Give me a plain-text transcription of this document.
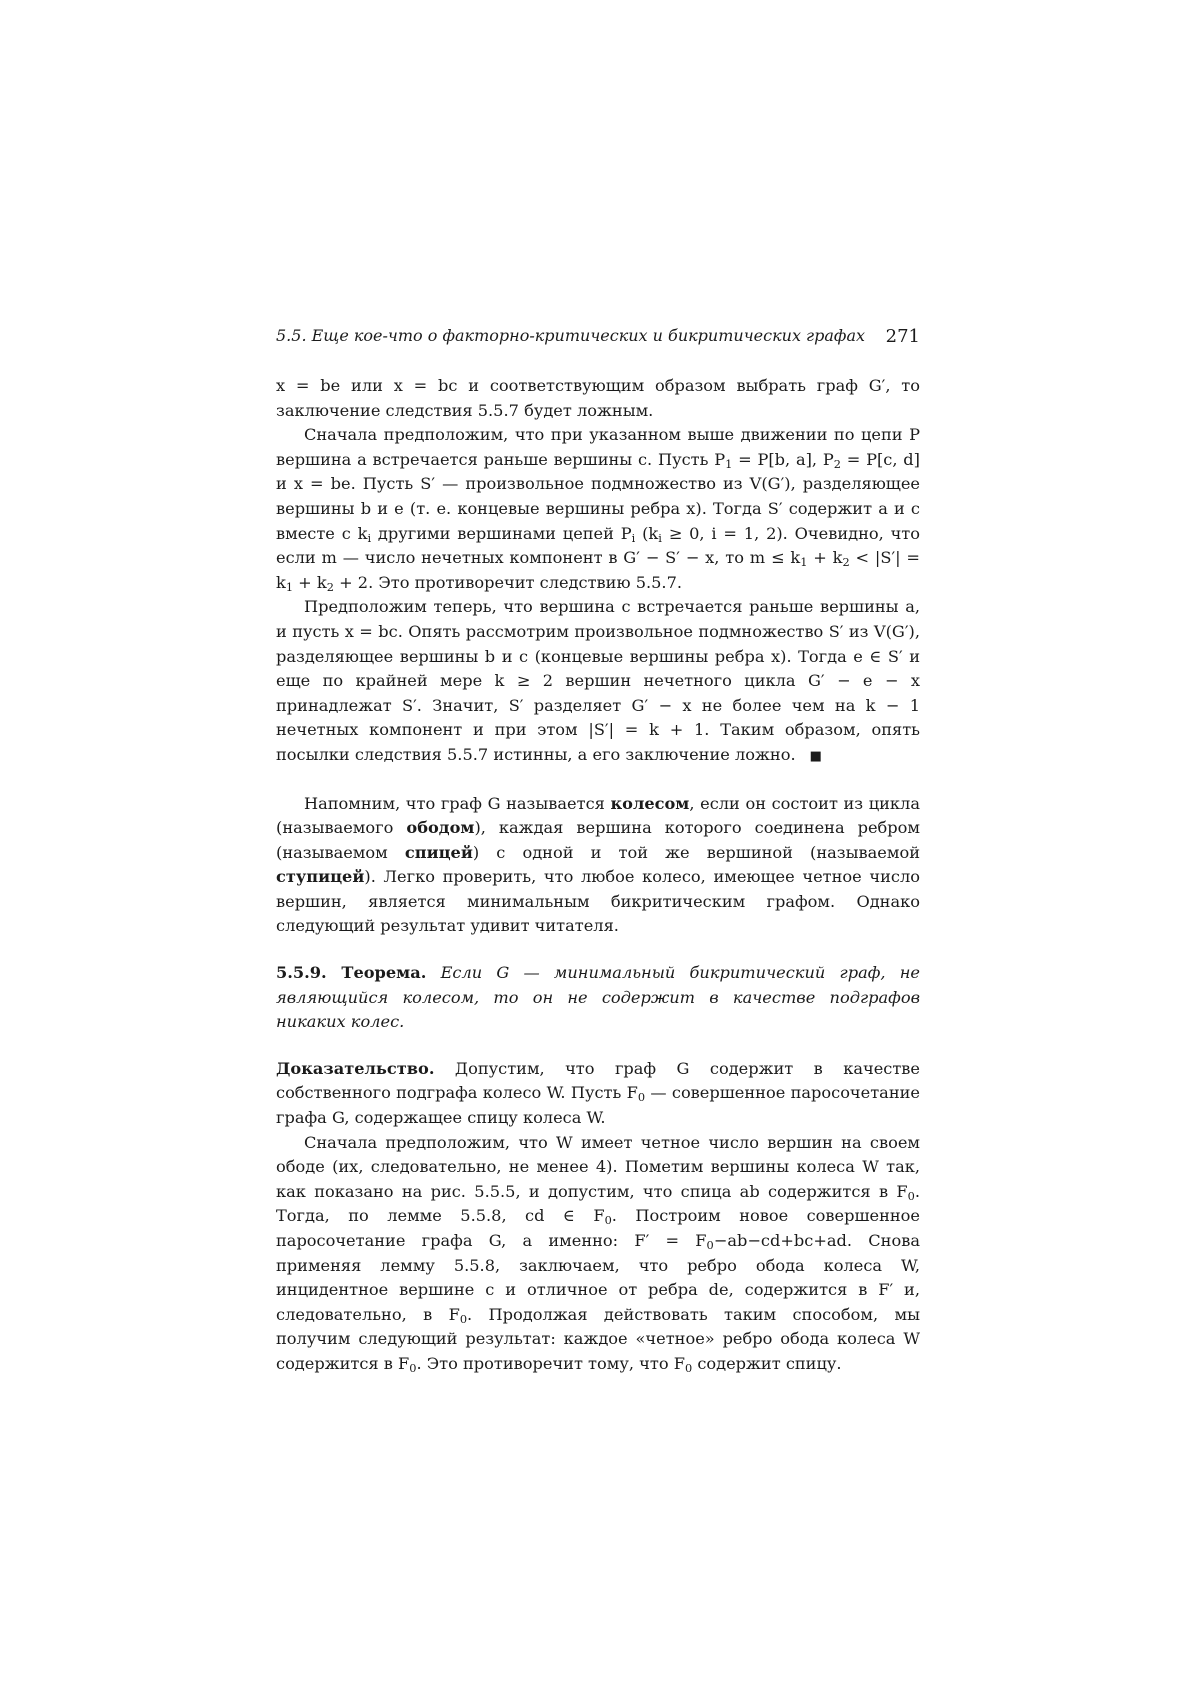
5.5. Еще кое-что о факторно-критических и бикритических графах 271

x = be или x = bc и соответствующим образом выбрать граф G′, то заключение следствия 5.5.7 будет ложным.

Сначала предположим, что при указанном выше движении по цепи P вершина a встречается раньше вершины c. Пусть $P_1 = P[b$, a], $P_2 = P[c$, d] и x = be. Пусть S′ — произвольное подмножество из V(G′), разделяющее вершины b и e (т. е. концевые вершины ребра x). Тогда S′ содержит a и c вместе с $k_i$ другими вершинами цепей $P_i$ ($k_i \ge 0$, i = 1, 2). Очевидно, что если m — число нечетных компонент в G′ − S′ − x, то $m \le k_1 + k_2 < |S'| = k_1 + k_2 + 2$. Это противоречит следствию 5.5.7.

Предположим теперь, что вершина c встречается раньше вершины a, и пусть x = bc. Опять рассмотрим произвольное подмножество S′ из V(G′), разделяющее вершины b и c (концевые вершины ребра x). Тогда e ∈ S′ и еще по крайней мере k ≥ 2 вершин нечетного цикла G′ − e − x принадлежат S′. Значит, S′ разделяет G′ − x не более чем на k − 1 нечетных компонент и при этом |S′| = k + 1. Таким образом, опять посылки следствия 5.5.7 истинны, а его заключение ложно. ■

Напомним, что граф G называется колесом, если он состоит из цикла (называемого ободом), каждая вершина которого соединена ребром (называемом спицей) с одной и той же вершиной (называемой ступицей). Легко проверить, что любое колесо, имеющее четное число вершин, является минимальным бикритическим графом. Однако следующий результат удивит читателя.

5.5.9. Теорема. Если G — минимальный бикритический граф, не являющийся колесом, то он не содержит в качестве подграфов никаких колес.

Доказательство. Допустим, что граф G содержит в качестве собственного подграфа колесо W. Пусть $F_0$ — совершенное паросочетание графа G, содержащее спицу колеса W.

Сначала предположим, что W имеет четное число вершин на своем ободе (их, следовательно, не менее 4). Пометим вершины колеса W так, как показано на рис. 5.5.5, и допустим, что спица ab содержится в $F_0$. Тогда, по лемме 5.5.8, cd ∈ $F_0$. Построим новое совершенное паросочетание графа G, а именно: $F' = F_0-ab-cd+bc+ad$. Снова применяя лемму 5.5.8, заключаем, что ребро обода колеса W, инцидентное вершине c и отличное от ребра de, содержится в F′ и, следовательно, в $F_0$. Продолжая действовать таким способом, мы получим следующий результат: каждое «четное» ребро обода колеса W содержится в $F_0$. Это противоречит тому, что $F_0$ содержит спицу.
